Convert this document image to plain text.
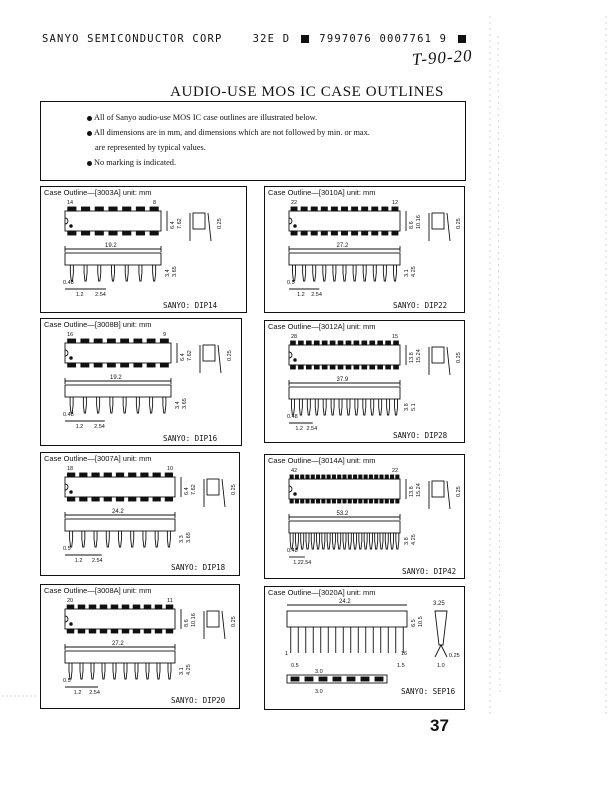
SANYO SEMICONDUCTOR CORP	32E D	7997076 0007761 9
T-90-20
AUDIO-USE MOS IC CASE OUTLINES
All of Sanyo audio-use MOS IC case outlines are illustrated below.
All dimensions are in mm, and dimensions which are not followed by min. or max.
are represented by typical values.
No marking is indicated.
Case Outline—[3003A] unit: mm
SANYO: DIP14
14	8
6.4 7.62	0.25
19.2
3.4 3.65
0.48
1.2 2.54
Case Outline—[3010A] unit: mm
SANYO: DIP22
22	12
8.6 10.16	0.25
27.2
3.1 4.25
0.5
1.2 2.54
Case Outline—[3008B] unit: mm
SANYO: DIP16
16	9
6.4 7.62	0.25
19.2
3.4 3.65
0.48
1.2 2.54
Case Outline—[3012A] unit: mm
SANYO: DIP28
28	15
13.8 15.24	0.25
37.9
3.8 5.1
0.48
1.2 2.54
Case Outline—[3007A] unit: mm
SANYO: DIP18
18	10
6.4 7.62	0.25
24.2
3.3 3.65
0.5
1.2 2.54
Case Outline—[3014A] unit: mm
SANYO: DIP42
42	22
13.8 15.24	0.25
53.2
3.8 4.25
0.48
1.2 2.54
Case Outline—[3008A] unit: mm
SANYO: DIP20
20	11
8.6 10.16	0.25
27.2
3.1 4.25
0.5
1.2 2.54
Case Outline—[3020A] unit: mm
SANYO: SEP16
24.2
1	16
6.5 10.5
0.5	1.5
3.25
0.25
1.0
3.0
3.0
37
